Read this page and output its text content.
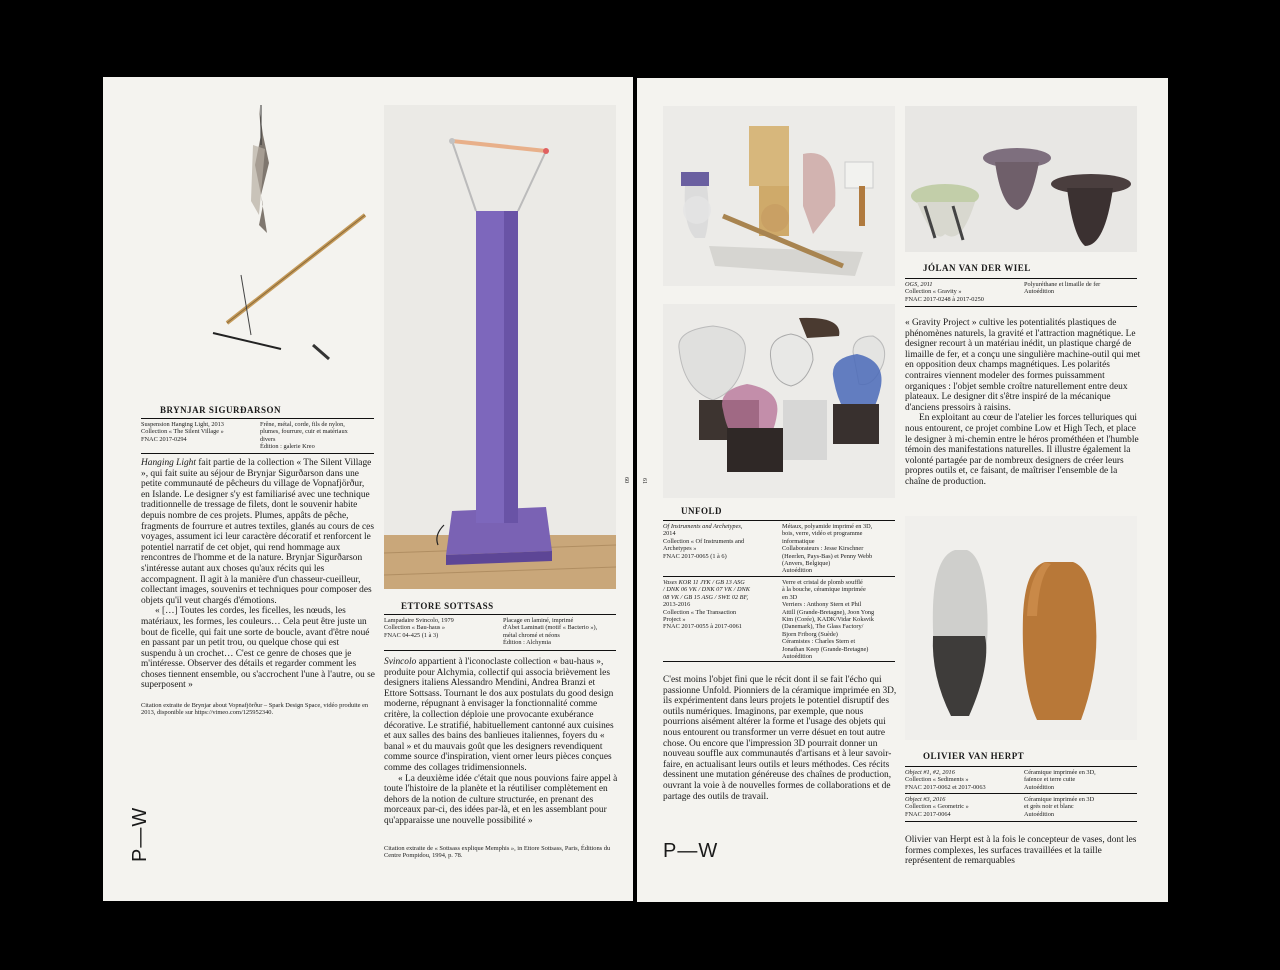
BRYNJAR SIGURÐARSON
Suspension Hanging Light, 2013
Collection « The Silent Village »
FNAC 2017-0294
Frêne, métal, corde, fils de nylon,
plumes, fourrure, cuir et matériaux
divers
Édition : galerie Kreo

Hanging Light fait partie de la collection « The Silent Village », qui fait suite au séjour de Brynjar Sigurðarson dans une petite communauté de pêcheurs du village de Vopnafjörður, en Islande. Le designer s'y est familiarisé avec une technique traditionnelle de tressage de filets, dont le souvenir habite depuis nombre de ces projets. Plumes, appâts de pêche, fragments de fourrure et autres textiles, glanés au cours de ces voyages, assument ici leur caractère décoratif et renforcent le potentiel narratif de cet objet, qui rend hommage aux rencontres de l'homme et de la nature. Brynjar Sigurðarson s'intéresse autant aux choses qu'aux récits qui les accompagnent. Il agit à la manière d'un chasseur-cueilleur, collectant images, souvenirs et techniques pour composer des objets qu'il veut chargés d'émotions.

« […] Toutes les cordes, les ficelles, les nœuds, les matériaux, les formes, les couleurs… Cela peut être juste un bout de ficelle, qui fait une sorte de boucle, avant d'être noué en passant par un petit trou, ou quelque chose qui est suspendu à un crochet… C'est ce genre de choses que je m'intéresse. Observer des détails et regarder comment les choses tiennent ensemble, ou s'accrochent l'une à l'autre, ou se superposent »

Citation extraite de Brynjar about Vopnafjörður – Spark Design Space, vidéo produite en 2013, disponible sur https://vimeo.com/125952340.
ETTORE SOTTSASS
Lampadaire Svincolo, 1979
Collection « Bau-haus »
FNAC 04-425 (1 à 3)
Placage en laminé, imprimé
d'Abet Laminati (motif « Bacterio »),
métal chromé et néons
Édition : Alchymia

Svincolo appartient à l'iconoclaste collection « bau-haus », produite pour Alchymia, collectif qui associa brièvement les designers italiens Alessandro Mendini, Andrea Branzi et Ettore Sottsass. Tournant le dos aux postulats du good design moderne, répugnant à envisager la fonctionnalité comme critère, la collection déploie une provocante exubérance décorative. Le stratifié, habituellement cantonné aux cuisines et aux salles des bains des banlieues italiennes, foyers du « banal » et du mauvais goût que les designers revendiquent comme source d'inspiration, vient orner leurs pièces conçues comme des collages tridimensionnels.

« La deuxième idée c'était que nous pouvions faire appel à toute l'histoire de la planète et la réutiliser complètement en dehors de la notion de culture structurée, en prenant des morceaux par-ci, des idées par-là, et en les assemblant pour qu'apparaisse une nouvelle possibilité »

Citation extraite de « Sottsass explique Memphis », in Ettore Sottsass, Paris, Éditions du Centre Pompidou, 1994, p. 78.
P—W
60
JÓLAN VAN DER WIEL
OGS, 2011
Collection « Gravity »
FNAC 2017-0248 à 2017-0250
Polyuréthane et limaille de fer
Autoédition

« Gravity Project » cultive les potentialités plastiques de phénomènes naturels, la gravité et l'attraction magnétique. Le designer recourt à un matériau inédit, un plastique chargé de limaille de fer, et a conçu une singulière machine-outil qui met en opposition deux champs magnétiques. Les polarités contraires viennent modeler des formes puissamment organiques : l'objet semble croître naturellement entre deux plateaux. Le designer dit s'être inspiré de la mécanique d'anciens pressoirs à raisins.

En exploitant au cœur de l'atelier les forces telluriques qui nous entourent, ce projet combine Low et High Tech, et place le designer à mi-chemin entre le héros prométhéen et l'humble témoin des manifestations naturelles. Il illustre également la volonté partagée par de nombreux designers de créer leurs propres outils et, ce faisant, de maîtriser l'ensemble de la chaîne de production.

UNFOLD
Of Instruments and Archetypes,
2014
Collection « Of Instruments and
Archetypes »
FNAC 2017-0065 (1 à 6)
Métaux, polyamide imprimé en 3D,
bois, verre, vidéo et programme
informatique
Collaborateurs : Jesse Kirschner
(Heerlen, Pays-Bas) et Penny Webb
(Anvers, Belgique)
Autoédition
Vases KOR 11 JYK / GB 13 ASG
/ DNK 06 VK / DNK 07 VK / DNK
08 VK / GB 15 ASG / SWE 02 BF,
2013-2016
Collection « The Transaction
Project »
FNAC 2017-0055 à 2017-0061
Verre et cristal de plomb soufflé
à la bouche, céramique imprimée
en 3D
Verriers : Anthony Stern et Phil
Attill (Grande-Bretagne), Joon Yong
Kim (Corée), KADK/Vidar Koksvik
(Danemark), The Glass Factory/
Bjorn Friborg (Suède)
Céramistes : Charles Stern et
Jonathan Keep (Grande-Bretagne)
Autoédition

C'est moins l'objet fini que le récit dont il se fait l'écho qui passionne Unfold. Pionniers de la céramique imprimée en 3D, ils expérimentent dans leurs projets le potentiel disruptif des outils numériques. Imaginons, par exemple, que nous pourrions aisément altérer la forme et l'usage des objets qui nous entourent ou transformer un verre désuet en tout autre chose. Ou encore que l'impression 3D pourrait donner un nouveau souffle aux communautés d'artisans et à leur savoir-faire, en actualisant leurs outils et leurs méthodes. Ces récits dessinent une mutation généreuse des chaînes de production, ouvrant la voie à de nouvelles formes de collaborations et de partage des outils de travail.

OLIVIER VAN HERPT
Object #1, #2, 2016
Collection « Sediments »
FNAC 2017-0062 et 2017-0063
Céramique imprimée en 3D,
faïence et terre cuite
Autoédition
Object #3, 2016
Collection « Geometric »
FNAC 2017-0064
Céramique imprimée en 3D
et grès noir et blanc
Autoédition

Olivier van Herpt est à la fois le concepteur de vases, dont les formes complexes, les surfaces travaillées et la taille représentent de remarquables

P—W
61
